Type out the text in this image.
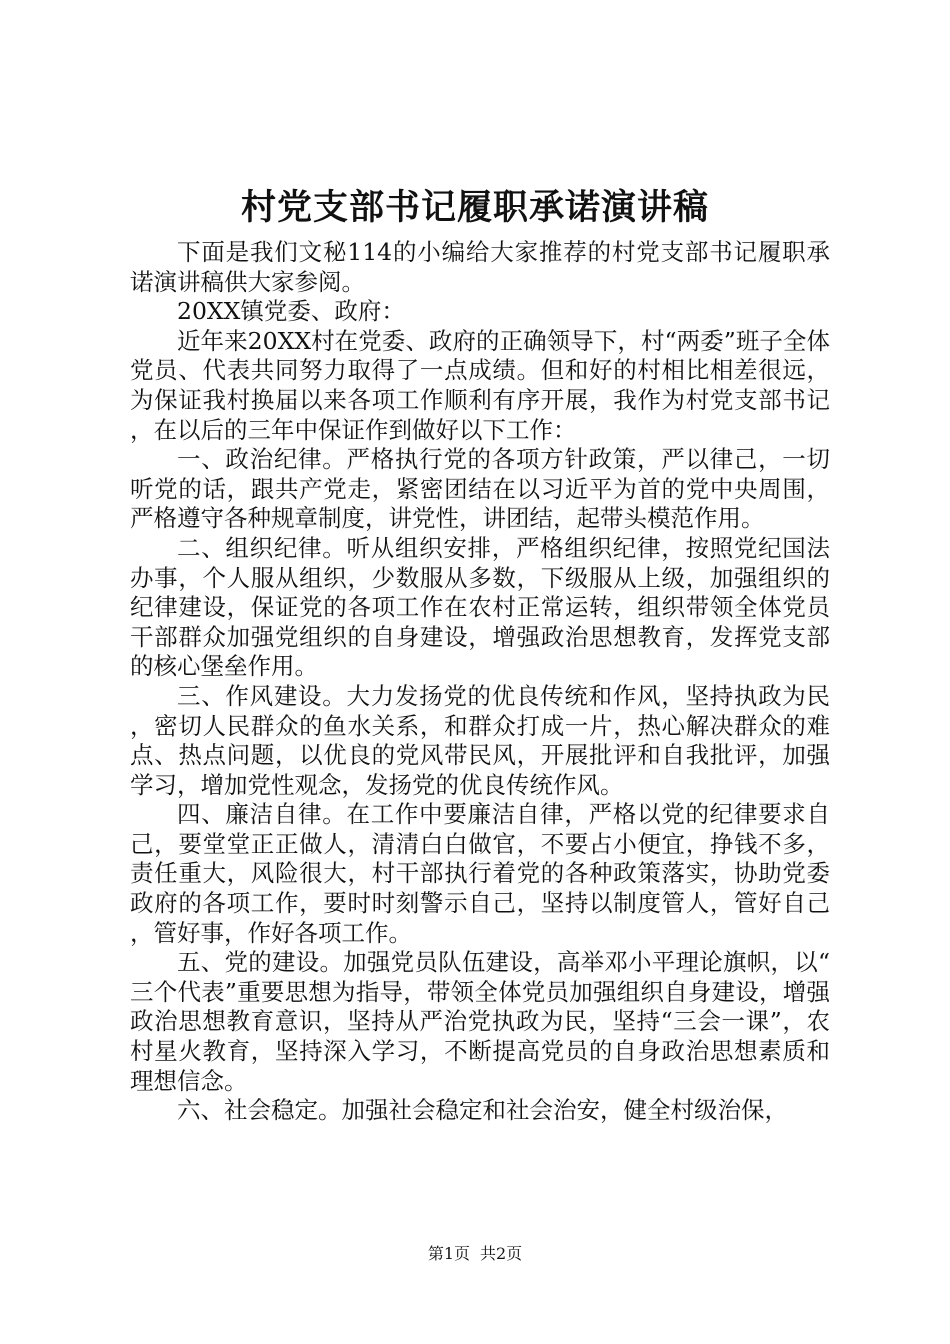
村党支部书记履职承诺演讲稿

下面是我们文秘114的小编给大家推荐的村党支部书记履职承诺演讲稿供大家参阅。

20XX镇党委、政府：

近年来20XX村在党委、政府的正确领导下，村“两委”班子全体党员、代表共同努力取得了一点成绩。但和好的村相比相差很远，为保证我村换届以来各项工作顺利有序开展，我作为村党支部书记，在以后的三年中保证作到做好以下工作：

一、政治纪律。严格执行党的各项方针政策，严以律己，一切听党的话，跟共产党走，紧密团结在以习近平为首的党中央周围，严格遵守各种规章制度，讲党性，讲团结，起带头模范作用。

二、组织纪律。听从组织安排，严格组织纪律，按照党纪国法办事，个人服从组织，少数服从多数，下级服从上级，加强组织的纪律建设，保证党的各项工作在农村正常运转，组织带领全体党员干部群众加强党组织的自身建设，增强政治思想教育，发挥党支部的核心堡垒作用。

三、作风建设。大力发扬党的优良传统和作风，坚持执政为民，密切人民群众的鱼水关系，和群众打成一片，热心解决群众的难点、热点问题，以优良的党风带民风，开展批评和自我批评，加强学习，增加党性观念，发扬党的优良传统作风。

四、廉洁自律。在工作中要廉洁自律，严格以党的纪律要求自己，要堂堂正正做人，清清白白做官，不要占小便宜，挣钱不多，责任重大，风险很大，村干部执行着党的各种政策落实，协助党委政府的各项工作，要时时刻警示自己，坚持以制度管人，管好自己，管好事，作好各项工作。

五、党的建设。加强党员队伍建设，高举邓小平理论旗帜，以“三个代表”重要思想为指导，带领全体党员加强组织自身建设，增强政治思想教育意识，坚持从严治党执政为民，坚持“三会一课”，农村星火教育，坚持深入学习，不断提高党员的自身政治思想素质和理想信念。

六、社会稳定。加强社会稳定和社会治安，健全村级治保，

第1页 共2页
